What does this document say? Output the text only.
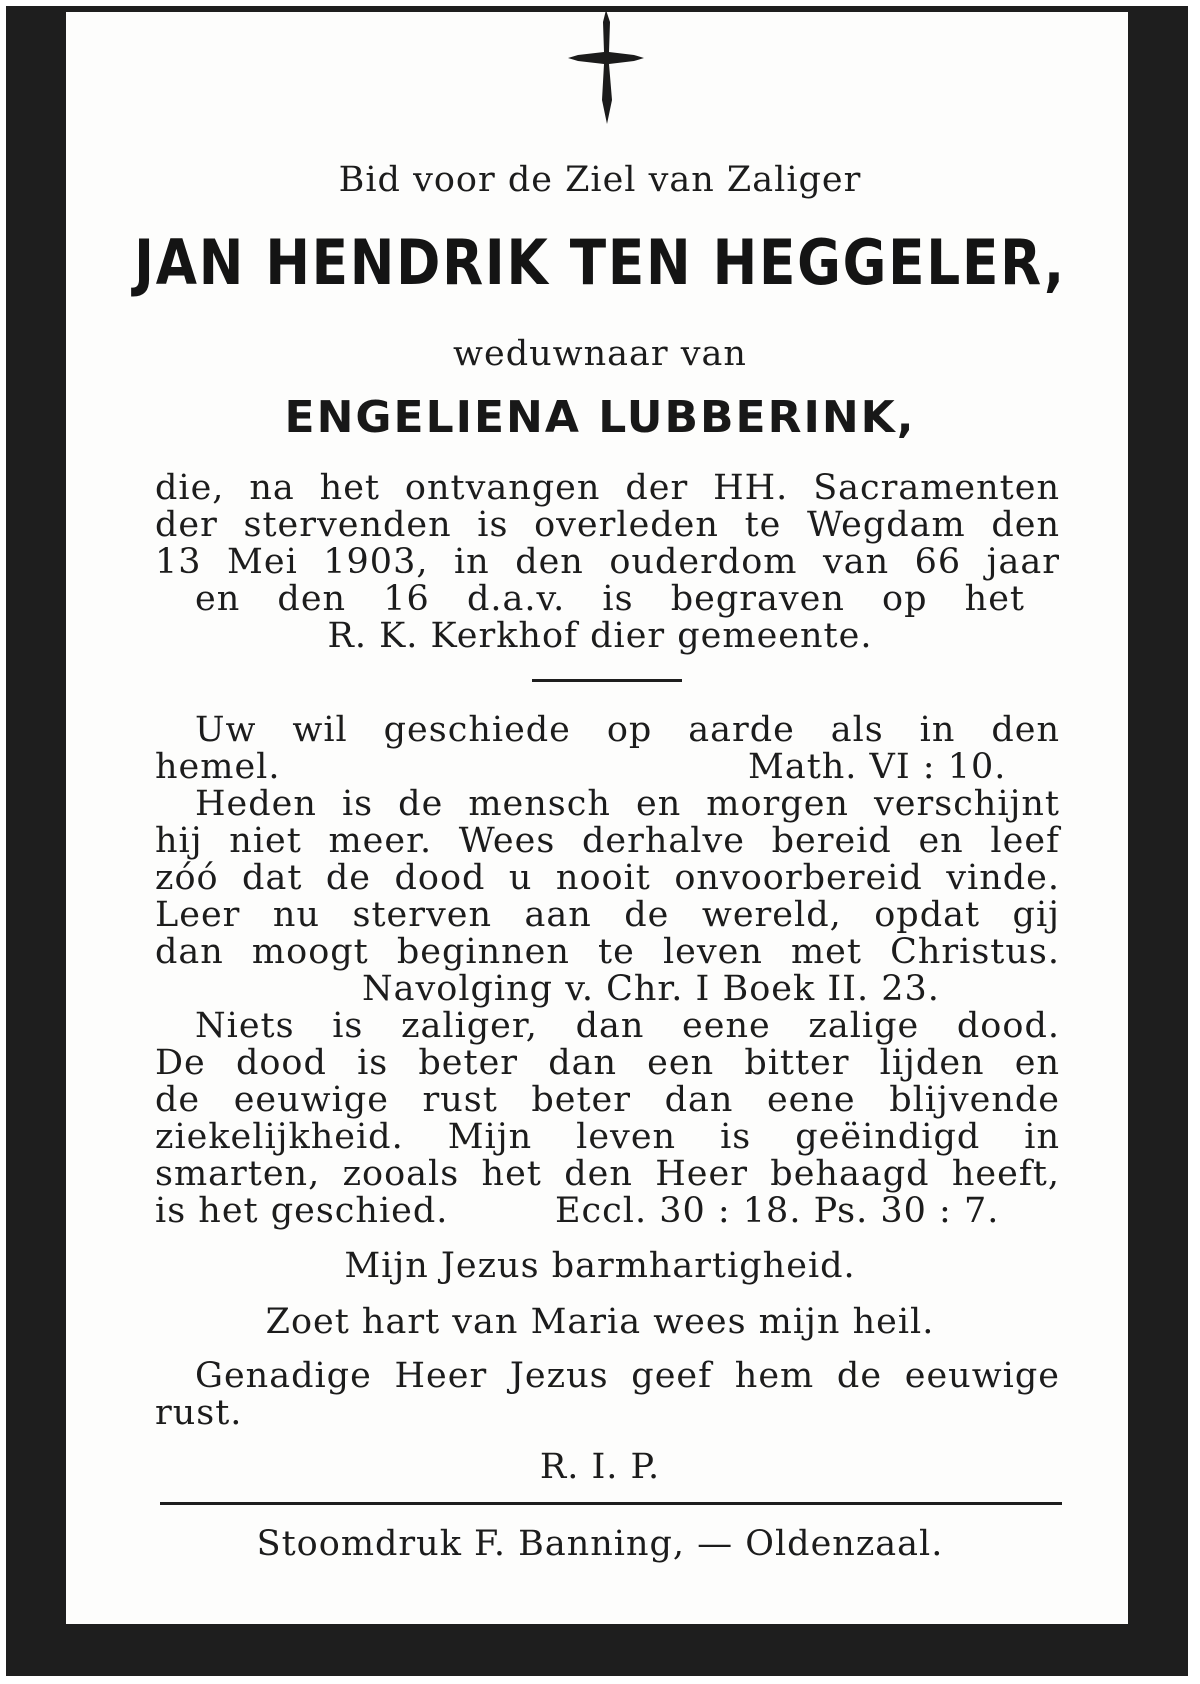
Bid voor de Ziel van Zaliger

JAN HENDRIK TEN HEGGELER,

weduwnaar van

ENGELIENA LUBBERINK,

die, na het ontvangen der HH. Sacramenten

der stervenden is overleden te Wegdam den

13 Mei 1903, in den ouderdom van 66 jaar

en den 16 d.a.v. is begraven op het

R. K. Kerkhof dier gemeente.

Uw wil geschiede op aarde als in den

hemel.	Math. VI : 10.

Heden is de mensch en morgen verschijnt

hij niet meer. Wees derhalve bereid en leef

zóó dat de dood u nooit onvoorbereid vinde.

Leer nu sterven aan de wereld, opdat gij

dan moogt beginnen te leven met Christus.

Navolging v. Chr. I Boek II. 23.

Niets is zaliger, dan eene zalige dood.

De dood is beter dan een bitter lijden en

de eeuwige rust beter dan eene blijvende

ziekelijkheid. Mijn leven is geëindigd in

smarten, zooals het den Heer behaagd heeft,

is het geschied.	Eccl. 30 : 18. Ps. 30 : 7.

Mijn Jezus barmhartigheid.

Zoet hart van Maria wees mijn heil.

Genadige Heer Jezus geef hem de eeuwige

rust.

R. I. P.

Stoomdruk F. Banning, — Oldenzaal.
